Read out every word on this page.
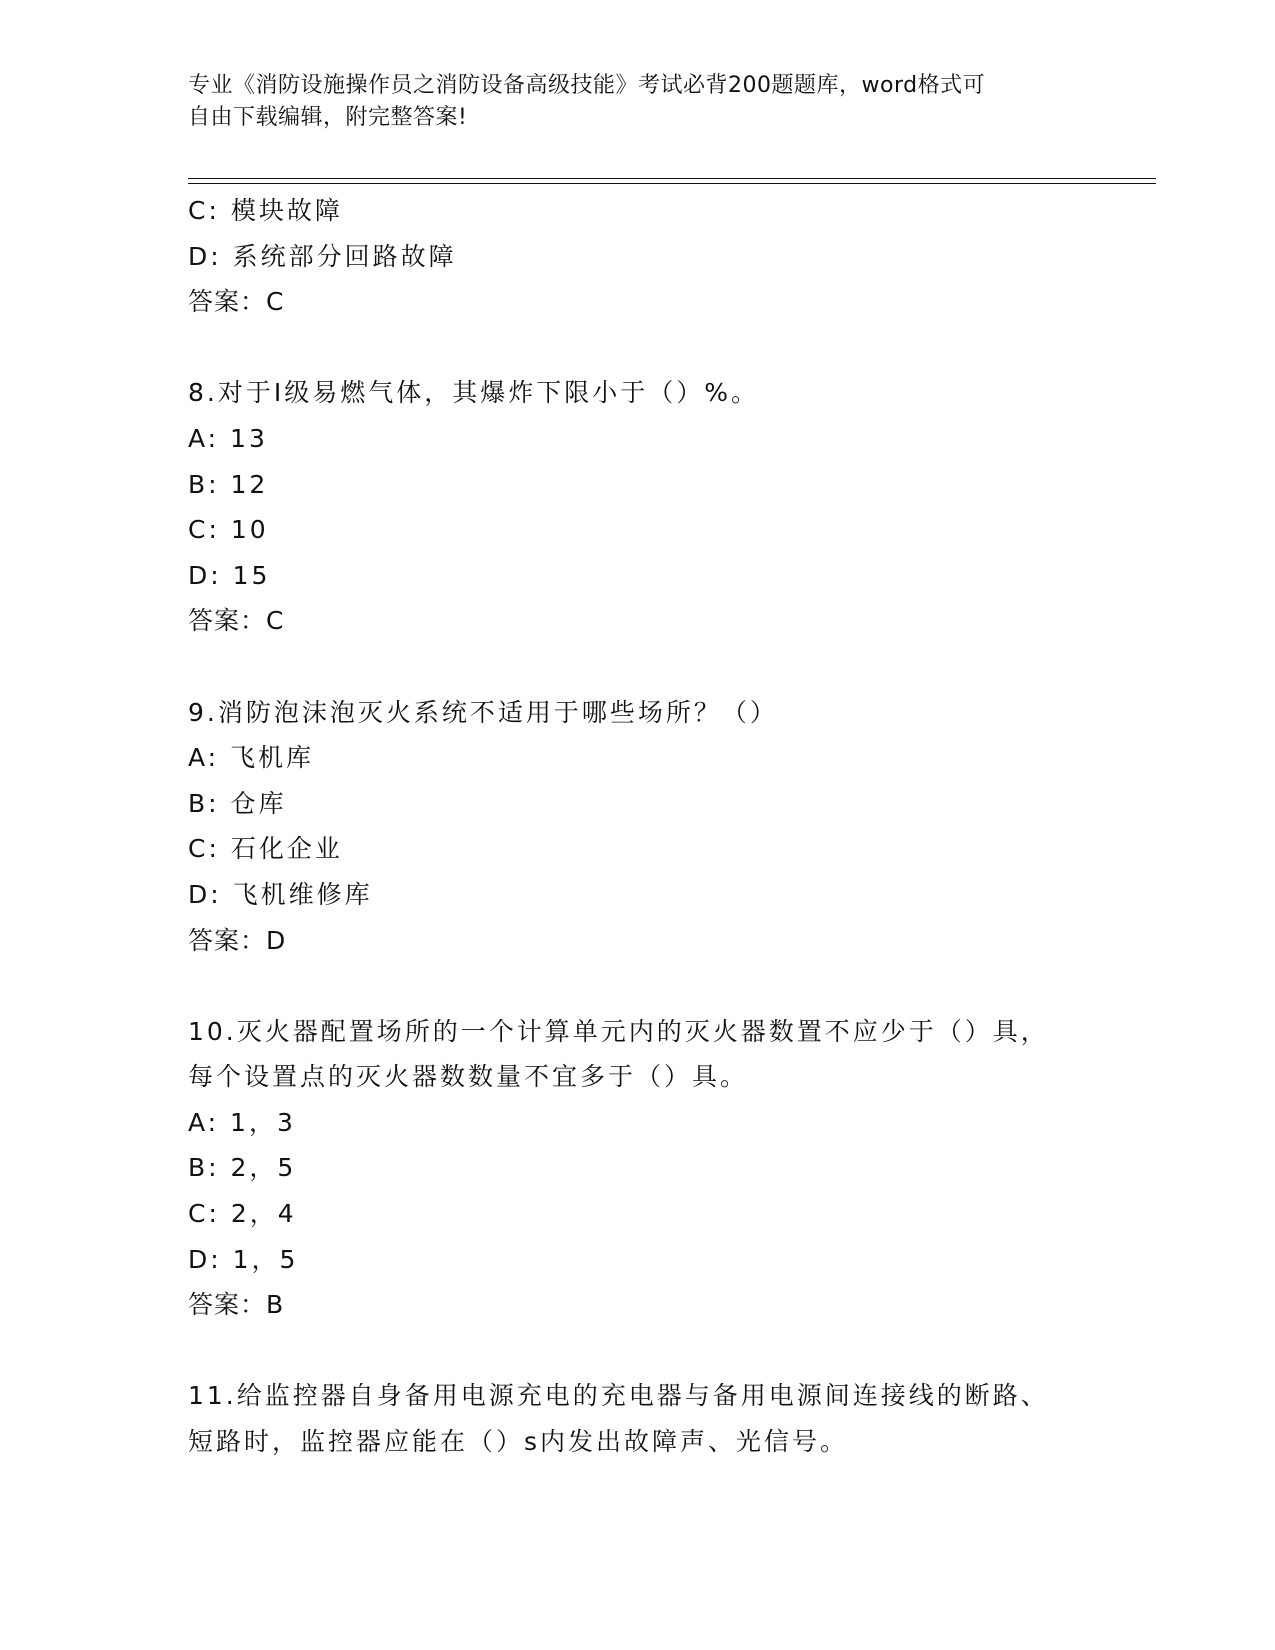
专业《消防设施操作员之消防设备高级技能》考试必背200题题库，word格式可
自由下载编辑，附完整答案!
C: 模块故障
D: 系统部分回路故障
答案：C
8.对于Ⅰ级易燃气体，其爆炸下限小于（）%。
A: 13
B: 12
C: 10
D: 15
答案：C
9.消防泡沫泡灭火系统不适用于哪些场所？（）
A: 飞机库
B: 仓库
C: 石化企业
D: 飞机维修库
答案：D
10.灭火器配置场所的一个计算单元内的灭火器数置不应少于（）具，
每个设置点的灭火器数数量不宜多于（）具。
A: 1，3
B: 2，5
C: 2，4
D: 1，5
答案：B
11.给监控器自身备用电源充电的充电器与备用电源间连接线的断路、
短路时，监控器应能在（）s内发出故障声、光信号。
